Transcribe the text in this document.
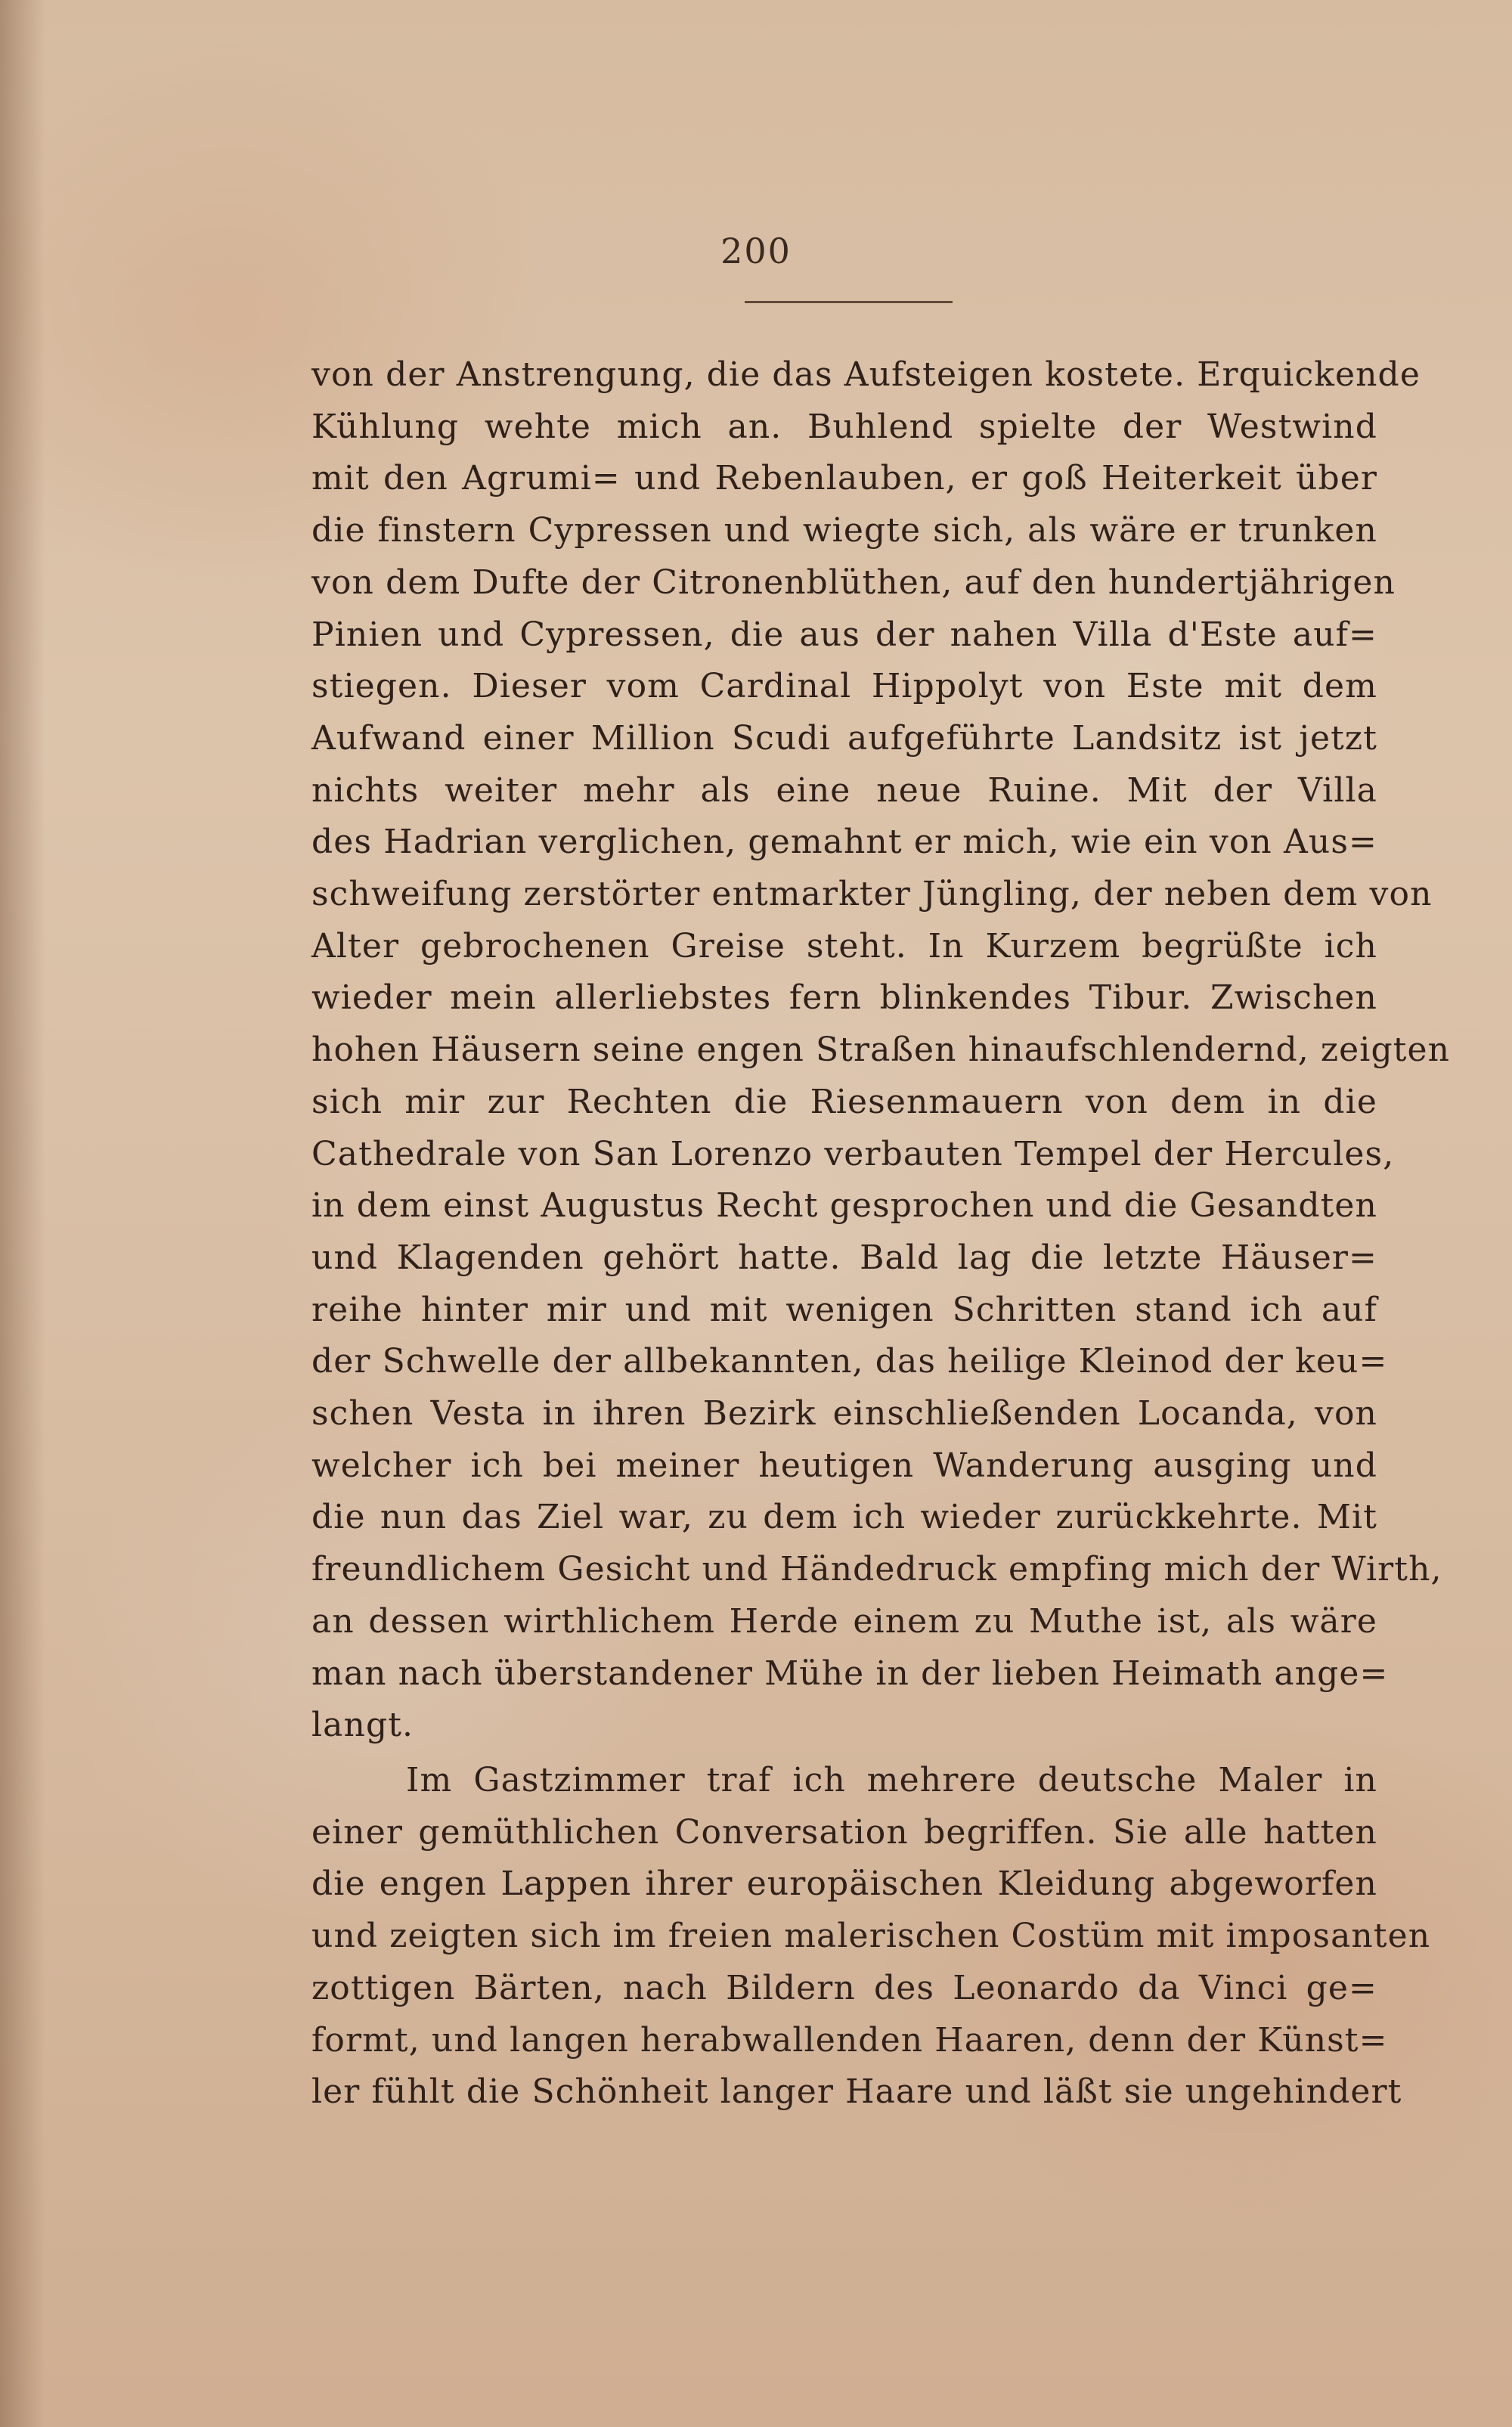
200
von der Anstrengung, die das Aufsteigen kostete. Erquickende
Kühlung wehte mich an. Buhlend spielte der Westwind
mit den Agrumi= und Rebenlauben, er goß Heiterkeit über
die finstern Cypressen und wiegte sich, als wäre er trunken
von dem Dufte der Citronenblüthen, auf den hundertjährigen
Pinien und Cypressen, die aus der nahen Villa d'Este auf=
stiegen. Dieser vom Cardinal Hippolyt von Este mit dem
Aufwand einer Million Scudi aufgeführte Landsitz ist jetzt
nichts weiter mehr als eine neue Ruine. Mit der Villa
des Hadrian verglichen, gemahnt er mich, wie ein von Aus=
schweifung zerstörter entmarkter Jüngling, der neben dem von
Alter gebrochenen Greise steht. In Kurzem begrüßte ich
wieder mein allerliebstes fern blinkendes Tibur. Zwischen
hohen Häusern seine engen Straßen hinaufschlendernd, zeigten
sich mir zur Rechten die Riesenmauern von dem in die
Cathedrale von San Lorenzo verbauten Tempel der Hercules,
in dem einst Augustus Recht gesprochen und die Gesandten
und Klagenden gehört hatte. Bald lag die letzte Häuser=
reihe hinter mir und mit wenigen Schritten stand ich auf
der Schwelle der allbekannten, das heilige Kleinod der keu=
schen Vesta in ihren Bezirk einschließenden Locanda, von
welcher ich bei meiner heutigen Wanderung ausging und
die nun das Ziel war, zu dem ich wieder zurückkehrte. Mit
freundlichem Gesicht und Händedruck empfing mich der Wirth,
an dessen wirthlichem Herde einem zu Muthe ist, als wäre
man nach überstandener Mühe in der lieben Heimath ange=
langt.
Im Gastzimmer traf ich mehrere deutsche Maler in
einer gemüthlichen Conversation begriffen. Sie alle hatten
die engen Lappen ihrer europäischen Kleidung abgeworfen
und zeigten sich im freien malerischen Costüm mit imposanten
zottigen Bärten, nach Bildern des Leonardo da Vinci ge=
formt, und langen herabwallenden Haaren, denn der Künst=
ler fühlt die Schönheit langer Haare und läßt sie ungehindert
